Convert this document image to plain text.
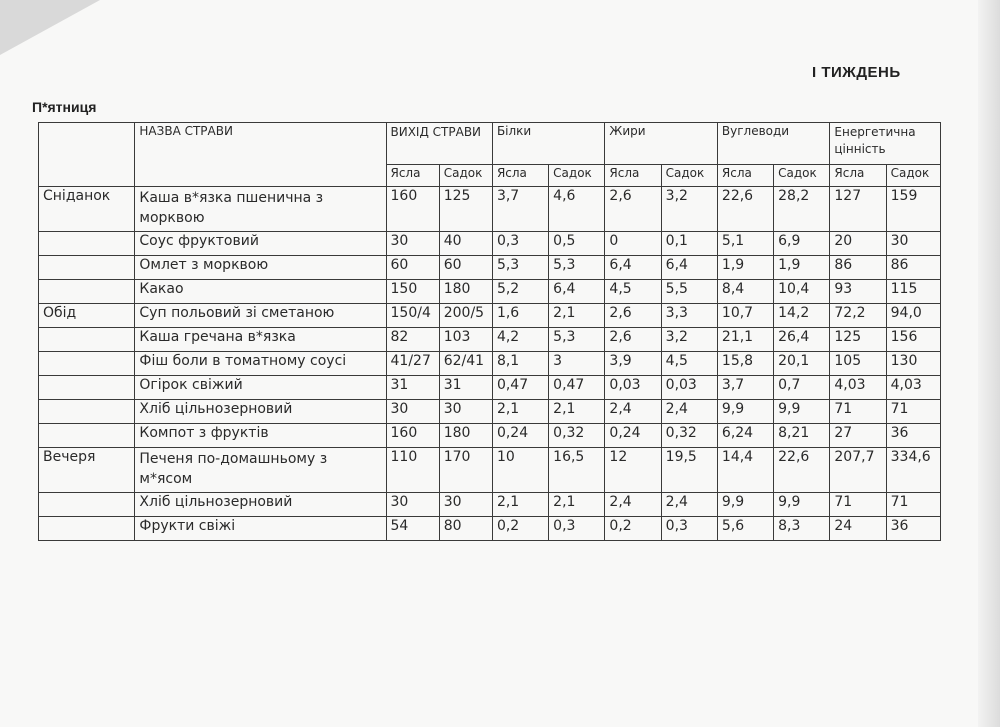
I ТИЖДЕНЬ
П*ятниця
	НАЗВА СТРАВИ	ВИХІД СТРАВИ		Білки		Жири		Вуглеводи		Енергетична цінність	
		Ясла	Садок	Ясла	Садок	Ясла	Садок	Ясла	Садок	Ясла	Садок
Сніданок	Каша в*язка пшенична з морквою	160	125	3,7	4,6	2,6	3,2	22,6	28,2	127	159
	Соус фруктовий	30	40	0,3	0,5	0	0,1	5,1	6,9	20	30
	Омлет з морквою	60	60	5,3	5,3	6,4	6,4	1,9	1,9	86	86
	Какао	150	180	5,2	6,4	4,5	5,5	8,4	10,4	93	115
Обід	Суп польовий зі сметаною	150/4	200/5	1,6	2,1	2,6	3,3	10,7	14,2	72,2	94,0
	Каша гречана в*язка	82	103	4,2	5,3	2,6	3,2	21,1	26,4	125	156
	Фіш боли в томатному соусі	41/27	62/41	8,1	3	3,9	4,5	15,8	20,1	105	130
	Огірок свіжий	31	31	0,47	0,47	0,03	0,03	3,7	0,7	4,03	4,03
	Хліб цільнозерновий	30	30	2,1	2,1	2,4	2,4	9,9	9,9	71	71
	Компот з фруктів	160	180	0,24	0,32	0,24	0,32	6,24	8,21	27	36
Вечеря	Печеня по-домашньому з м*ясом	110	170	10	16,5	12	19,5	14,4	22,6	207,7	334,6
	Хліб цільнозерновий	30	30	2,1	2,1	2,4	2,4	9,9	9,9	71	71
	Фрукти свіжі	54	80	0,2	0,3	0,2	0,3	5,6	8,3	24	36
